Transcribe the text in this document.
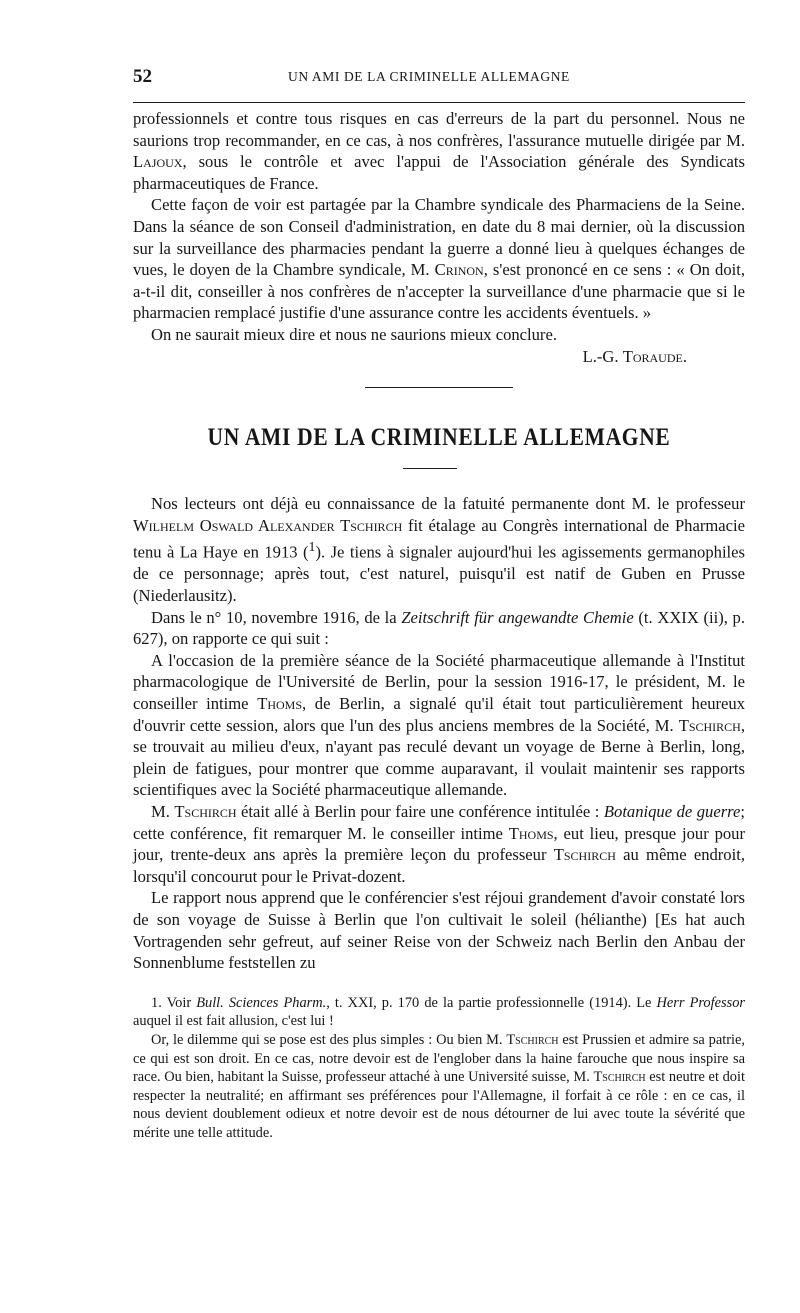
52	UN AMI DE LA CRIMINELLE ALLEMAGNE

professionnels et contre tous risques en cas d'erreurs de la part du personnel. Nous ne saurions trop recommander, en ce cas, à nos confrères, l'assurance mutuelle dirigée par M. Lajoux, sous le contrôle et avec l'appui de l'Association générale des Syndicats pharmaceutiques de France.

Cette façon de voir est partagée par la Chambre syndicale des Pharmaciens de la Seine. Dans la séance de son Conseil d'administration, en date du 8 mai dernier, où la discussion sur la surveillance des pharmacies pendant la guerre a donné lieu à quelques échanges de vues, le doyen de la Chambre syndicale, M. Crinon, s'est prononcé en ce sens : « On doit, a-t-il dit, conseiller à nos confrères de n'accepter la surveillance d'une pharmacie que si le pharmacien remplacé justifie d'une assurance contre les accidents éventuels. »

On ne saurait mieux dire et nous ne saurions mieux conclure.

L.-G. Toraude.

UN AMI DE LA CRIMINELLE ALLEMAGNE

Nos lecteurs ont déjà eu connaissance de la fatuité permanente dont M. le professeur Wilhelm Oswald Alexander Tschirch fit étalage au Congrès international de Pharmacie tenu à La Haye en 1913 ($^1$). Je tiens à signaler aujourd'hui les agissements germanophiles de ce personnage; après tout, c'est naturel, puisqu'il est natif de Guben en Prusse (Niederlausitz).

Dans le n° 10, novembre 1916, de la Zeitschrift für angewandte Chemie (t. XXIX (ii), p. 627), on rapporte ce qui suit :

A l'occasion de la première séance de la Société pharmaceutique allemande à l'Institut pharmacologique de l'Université de Berlin, pour la session 1916-17, le président, M. le conseiller intime Thoms, de Berlin, a signalé qu'il était tout particulièrement heureux d'ouvrir cette session, alors que l'un des plus anciens membres de la Société, M. Tschirch, se trouvait au milieu d'eux, n'ayant pas reculé devant un voyage de Berne à Berlin, long, plein de fatigues, pour montrer que comme auparavant, il voulait maintenir ses rapports scientifiques avec la Société pharmaceutique allemande.

M. Tschirch était allé à Berlin pour faire une conférence intitulée : Botanique de guerre; cette conférence, fit remarquer M. le conseiller intime Thoms, eut lieu, presque jour pour jour, trente-deux ans après la première leçon du professeur Tschirch au même endroit, lorsqu'il concourut pour le Privat-dozent.

Le rapport nous apprend que le conférencier s'est réjoui grandement d'avoir constaté lors de son voyage de Suisse à Berlin que l'on cultivait le soleil (hélianthe) [Es hat auch Vortragenden sehr gefreut, auf seiner Reise von der Schweiz nach Berlin den Anbau der Sonnenblume feststellen zu

1. Voir Bull. Sciences Pharm., t. XXI, p. 170 de la partie professionnelle (1914). Le Herr Professor auquel il est fait allusion, c'est lui !

Or, le dilemme qui se pose est des plus simples : Ou bien M. Tschirch est Prussien et admire sa patrie, ce qui est son droit. En ce cas, notre devoir est de l'englober dans la haine farouche que nous inspire sa race. Ou bien, habitant la Suisse, professeur attaché à une Université suisse, M. Tschirch est neutre et doit respecter la neutralité; en affirmant ses préférences pour l'Allemagne, il forfait à ce rôle : en ce cas, il nous devient doublement odieux et notre devoir est de nous détourner de lui avec toute la sévérité que mérite une telle attitude.
